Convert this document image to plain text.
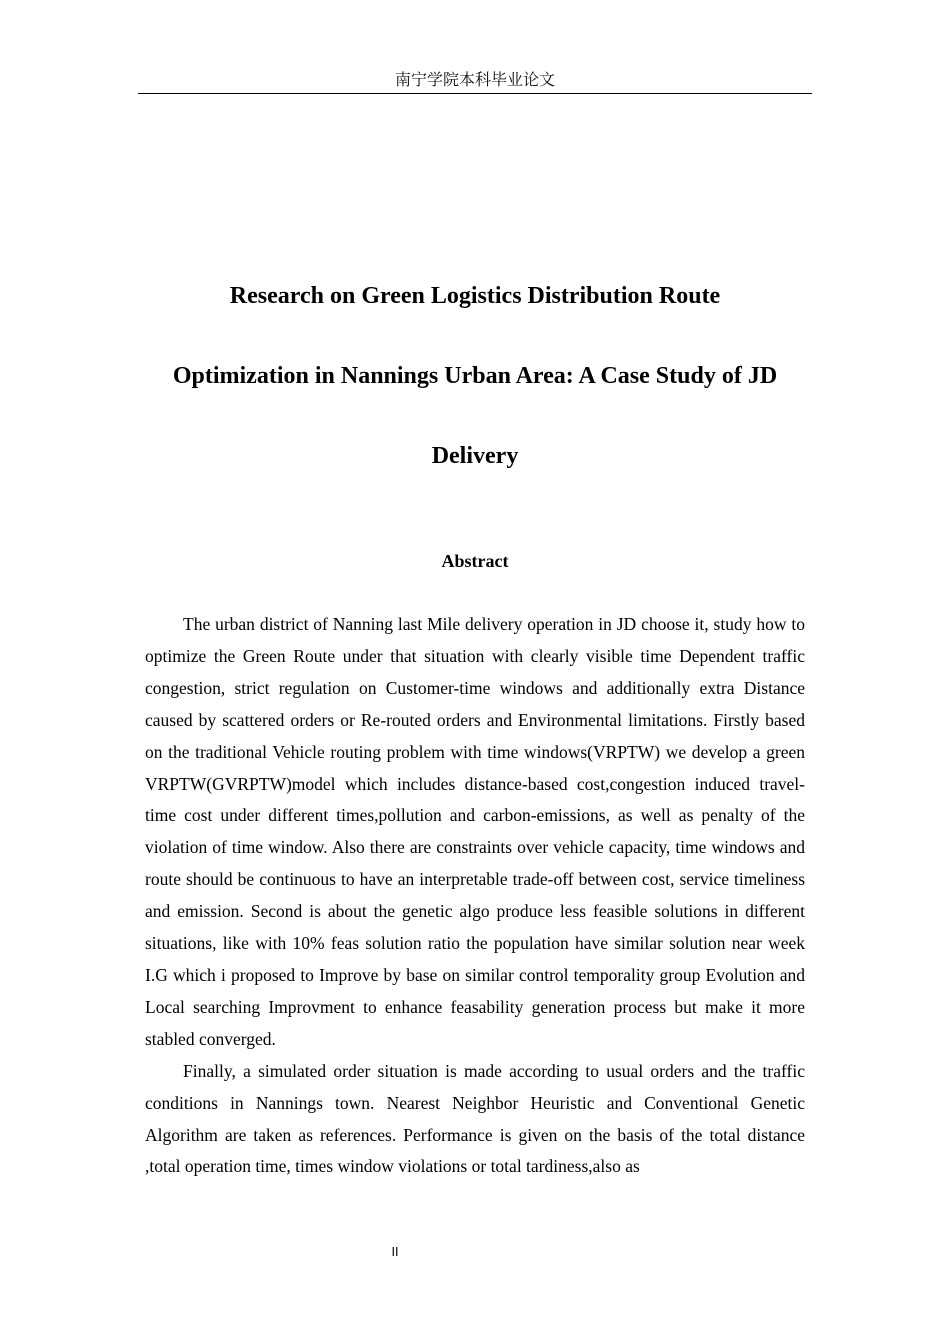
南宁学院本科毕业论文
Research on Green Logistics Distribution Route
Optimization in Nannings Urban Area: A Case Study of JD
Delivery
Abstract

The urban district of Nanning last Mile delivery operation in JD choose it, study how to optimize the Green Route under that situation with clearly visible time Dependent traffic congestion, strict regulation on Customer-time windows and additionally extra Distance caused by scattered orders or Re-routed orders and Environmental limitations. Firstly based on the traditional Vehicle routing problem with time windows(VRPTW) we develop a green VRPTW(GVRPTW)model which includes distance-based cost,congestion induced travel-time cost under different times,pollution and carbon-emissions, as well as penalty of the violation of time window. Also there are constraints over vehicle capacity, time windows and route should be continuous to have an interpretable trade-off between cost, service timeliness and emission. Second is about the genetic algo produce less feasible solutions in different situations, like with 10% feas solution ratio the population have similar solution near week I.G which i proposed to Improve by base on similar control temporality group Evolution and Local searching Improvment to enhance feasability generation process but make it more stabled converged.

Finally, a simulated order situation is made according to usual orders and the traffic conditions in Nannings town. Nearest Neighbor Heuristic and Conventional Genetic Algorithm are taken as references. Performance is given on the basis of the total distance ,total operation time, times window violations or total tardiness,also as

II
